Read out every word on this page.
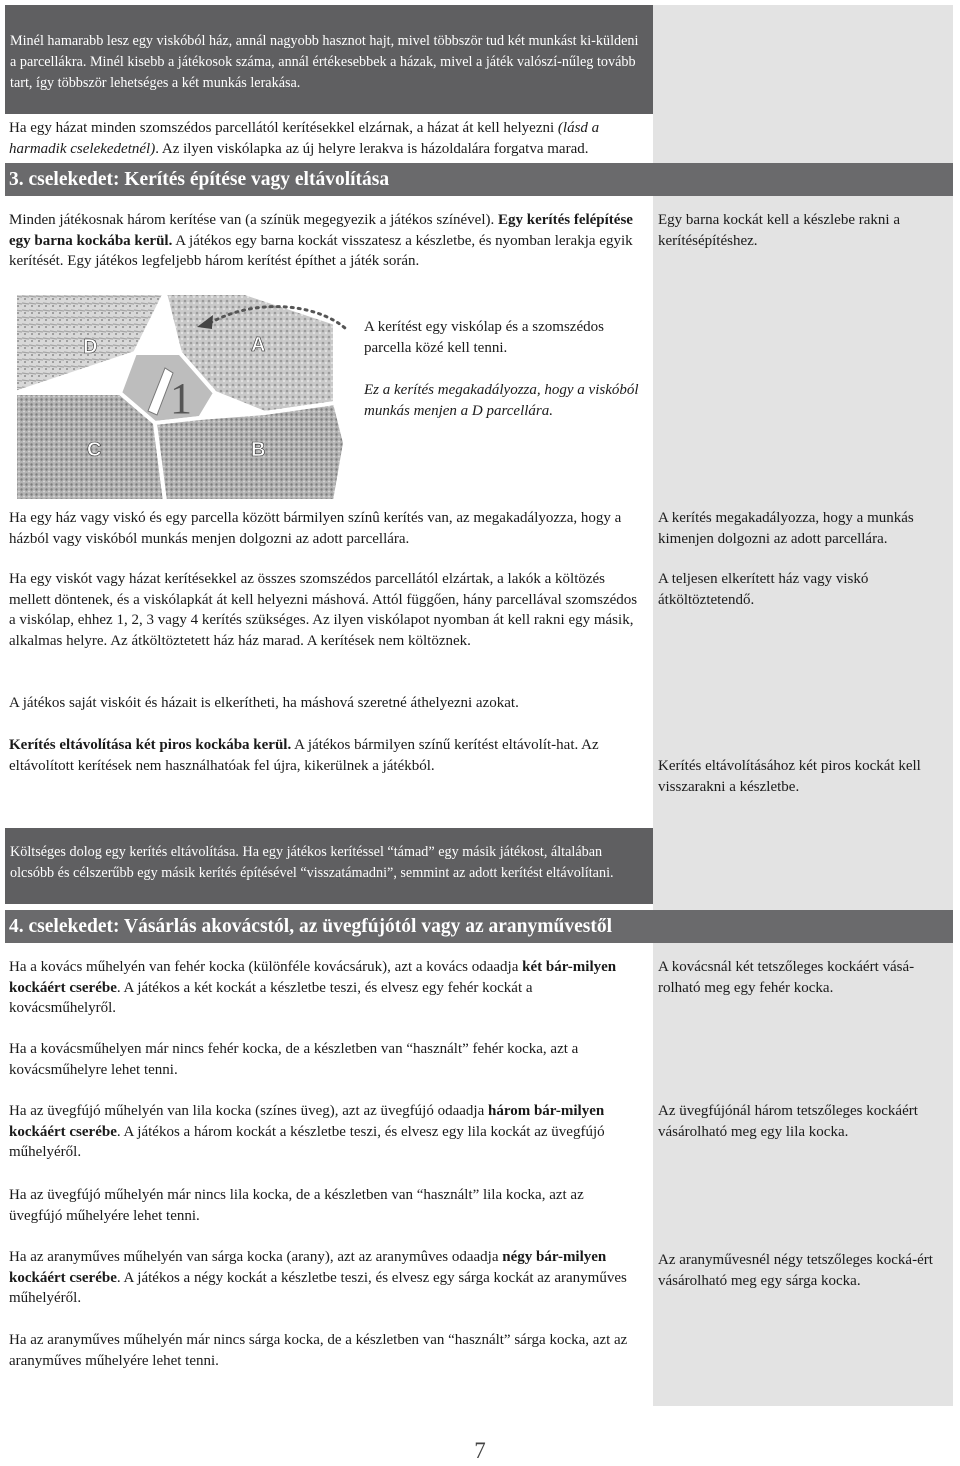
Minél hamarabb lesz egy viskóból ház, annál nagyobb hasznot hajt, mivel többször tud két munkást ki-küldeni a parcellákra. Minél kisebb a játékosok száma, annál értékesebbek a házak, mivel a játék valószí-nűleg tovább tart, így többször lehetséges a két munkás lerakása.

Ha egy házat minden szomszédos parcellától kerítésekkel elzárnak, a házat át kell helyezni (lásd a harmadik cselekedetnél). Az ilyen viskólapka az új helyre lerakva is házoldalára forgatva marad.

3. cselekedet: Kerítés építése vagy eltávolítása

Minden játékosnak három kerítése van (a színük megegyezik a játékos színével). Egy kerítés felépítése egy barna kockába kerül. A játékos egy barna kockát visszatesz a készletbe, és nyomban lerakja egyik kerítését. Egy játékos legfeljebb három kerítést építhet a játék során.

Egy barna kockát kell a készlebe rakni a kerítésépítéshez.

D	A
C	B
1

A kerítést egy viskólap és a szomszédos parcella közé kell tenni.

Ez a kerítés megakadályozza, hogy a viskóból munkás menjen a D parcellára.

Ha egy ház vagy viskó és egy parcella között bármilyen színû kerítés van, az megakadályozza, hogy a házból vagy viskóból munkás menjen dolgozni az adott parcellára.

A kerítés megakadályozza, hogy a munkás kimenjen dolgozni az adott parcellára.

Ha egy viskót vagy házat kerítésekkel az összes szomszédos parcellától elzártak, a lakók a költözés mellett döntenek, és a viskólapkát át kell helyezni máshová. Attól függően, hány parcellával szomszédos a viskólap, ehhez 1, 2, 3 vagy 4 kerítés szükséges. Az ilyen viskólapot nyomban át kell rakni egy másik, alkalmas helyre. Az átköltöztetett ház ház marad. A kerítések nem költöznek.

A teljesen elkerített ház vagy viskó átköltöztetendő.

A játékos saját viskóit és házait is elkerítheti, ha máshová szeretné áthelyezni azokat.

Kerítés eltávolítása két piros kockába kerül. A játékos bármilyen színű kerítést eltávolít-hat. Az eltávolított kerítések nem használhatóak fel újra, kikerülnek a játékból.	Kerítés eltávolításához két piros kockát kell visszarakni a készletbe.

Költséges dolog egy kerítés eltávolítása. Ha egy játékos kerítéssel “támad” egy másik játékost, általában olcsóbb és célszerűbb egy másik kerítés építésével “visszatámadni”, semmint az adott kerítést eltávolítani.
4. cselekedet: Vásárlás akovácstól, az üvegfújótól vagy az aranyművestől

Ha a kovács műhelyén van fehér kocka (különféle kovácsáruk), azt a kovács odaadja két bár-milyen kockáért cserébe. A játékos a két kockát a készletbe teszi, és elvesz egy fehér kockát a kovácsműhelyről.

A kovácsnál két tetszőleges kockáért vásá-rolható meg egy fehér kocka.

Ha a kovácsműhelyen már nincs fehér kocka, de a készletben van “használt” fehér kocka, azt a kovácsműhelyre lehet tenni.

Ha az üvegfújó műhelyén van lila kocka (színes üveg), azt az üvegfújó odaadja három bár-milyen kockáért cserébe. A játékos a három kockát a készletbe teszi, és elvesz egy lila kockát az üvegfújó műhelyéről.

Az üvegfújónál három tetszőleges kockáért vásárolható meg egy lila kocka.

Ha az üvegfújó műhelyén már nincs lila kocka, de a készletben van “használt” lila kocka, azt az üvegfújó műhelyére lehet tenni.

Ha az aranyműves műhelyén van sárga kocka (arany), azt az aranymûves odaadja négy bár-milyen kockáért cserébe. A játékos a négy kockát a készletbe teszi, és elvesz egy sárga kockát az aranyműves műhelyéről.

Az aranyművesnél négy tetszőleges kocká-ért vásárolható meg egy sárga kocka.

Ha az aranyműves műhelyén már nincs sárga kocka, de a készletben van “használt” sárga kocka, azt az aranyműves műhelyére lehet tenni.

7
